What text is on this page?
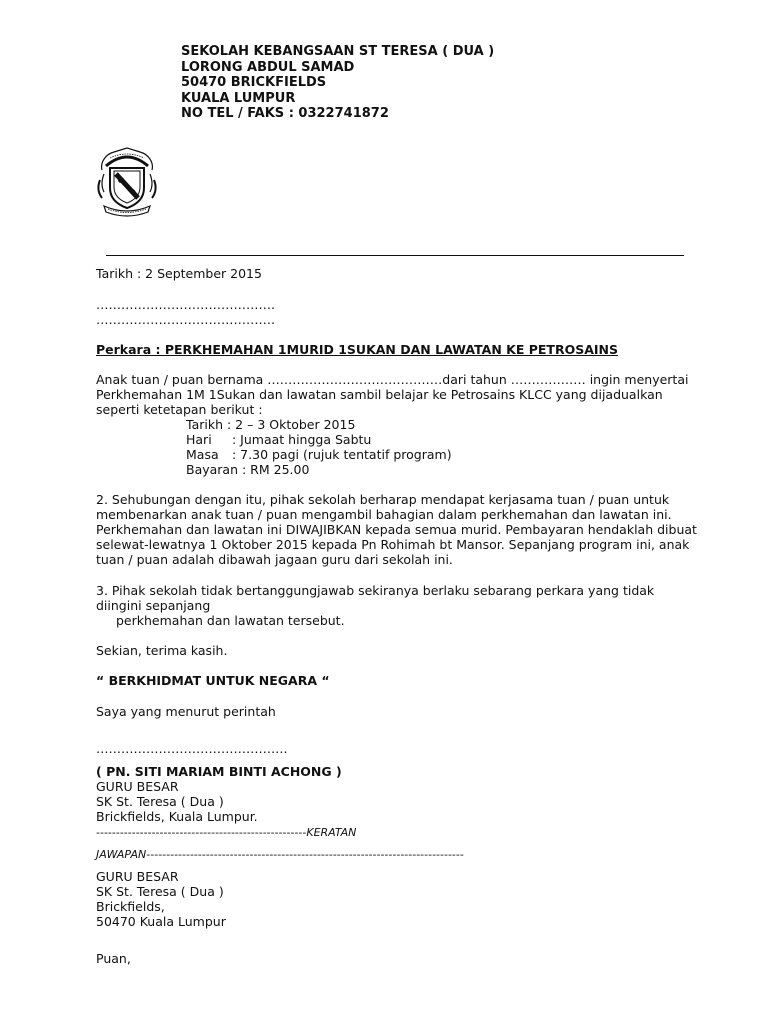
SEKOLAH KEBANGSAAN ST TERESA ( DUA )
LORONG ABDUL SAMAD
50470 BRICKFIELDS
KUALA LUMPUR
NO TEL / FAKS : 0322741872
Tarikh : 2 September 2015
…………………………………….
…………………………………….
Perkara : PERKHEMAHAN 1MURID 1SUKAN DAN LAWATAN KE PETROSAINS
Anak tuan / puan bernama ……………………………………dari tahun ……………… ingin menyertai
Perkhemahan 1M 1Sukan dan lawatan sambil belajar ke Petrosains KLCC yang dijadualkan
seperti ketetapan berikut :
Tarikh : 2 – 3 Oktober 2015
Hari : Jumaat hingga Sabtu
Masa : 7.30 pagi (rujuk tentatif program)
Bayaran : RM 25.00
2. Sehubungan dengan itu, pihak sekolah berharap mendapat kerjasama tuan / puan untuk
membenarkan anak tuan / puan mengambil bahagian dalam perkhemahan dan lawatan ini.
Perkhemahan dan lawatan ini DIWAJIBKAN kepada semua murid. Pembayaran hendaklah dibuat
selewat-lewatnya 1 Oktober 2015 kepada Pn Rohimah bt Mansor. Sepanjang program ini, anak
tuan / puan adalah dibawah jagaan guru dari sekolah ini.
3. Pihak sekolah tidak bertanggungjawab sekiranya berlaku sebarang perkara yang tidak
diingini sepanjang
perkhemahan dan lawatan tersebut.
Sekian, terima kasih.
“ BERKHIDMAT UNTUK NEGARA “
Saya yang menurut perintah
……………………………………….
( PN. SITI MARIAM BINTI ACHONG )
GURU BESAR
SK St. Teresa ( Dua )
Brickfields, Kuala Lumpur.
-----------------------------------------------------KERATAN
JAWAPAN--------------------------------------------------------------------------------
GURU BESAR
SK St. Teresa ( Dua )
Brickfields,
50470 Kuala Lumpur
Puan,
